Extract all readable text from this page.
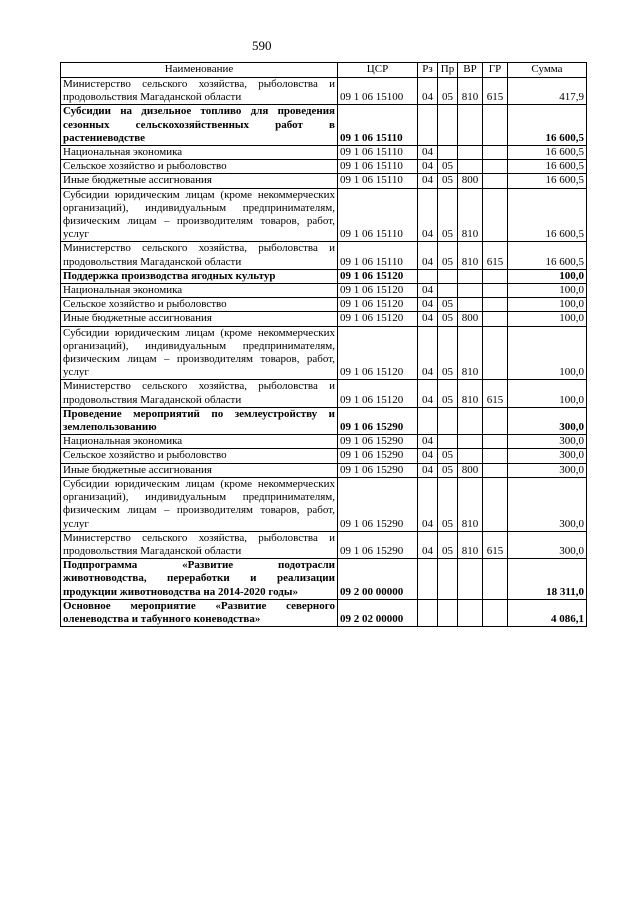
590
Наименование	ЦСР	Рз	Пр	ВР	ГР	Сумма
Министерство сельского хозяйства, рыболовства и продовольствия Магаданской области	09 1 06 15100	04	05	810	615	417,9
Субсидии на дизельное топливо для проведения сезонных сельскохозяйственных работ в растениеводстве	09 1 06 15110					16 600,5
Национальная экономика	09 1 06 15110	04				16 600,5
Сельское хозяйство и рыболовство	09 1 06 15110	04	05			16 600,5
Иные бюджетные ассигнования	09 1 06 15110	04	05	800		16 600,5
Субсидии юридическим лицам (кроме некоммерческих организаций), индивидуальным предпринимателям, физическим лицам – производителям товаров, работ, услуг	09 1 06 15110	04	05	810		16 600,5
Министерство сельского хозяйства, рыболовства и продовольствия Магаданской области	09 1 06 15110	04	05	810	615	16 600,5
Поддержка производства ягодных культур	09 1 06 15120					100,0
Национальная экономика	09 1 06 15120	04				100,0
Сельское хозяйство и рыболовство	09 1 06 15120	04	05			100,0
Иные бюджетные ассигнования	09 1 06 15120	04	05	800		100,0
Субсидии юридическим лицам (кроме некоммерческих организаций), индивидуальным предпринимателям, физическим лицам – производителям товаров, работ, услуг	09 1 06 15120	04	05	810		100,0
Министерство сельского хозяйства, рыболовства и продовольствия Магаданской области	09 1 06 15120	04	05	810	615	100,0
Проведение мероприятий по землеустройству и землепользованию	09 1 06 15290					300,0
Национальная экономика	09 1 06 15290	04				300,0
Сельское хозяйство и рыболовство	09 1 06 15290	04	05			300,0
Иные бюджетные ассигнования	09 1 06 15290	04	05	800		300,0
Субсидии юридическим лицам (кроме некоммерческих организаций), индивидуальным предпринимателям, физическим лицам – производителям товаров, работ, услуг	09 1 06 15290	04	05	810		300,0
Министерство сельского хозяйства, рыболовства и продовольствия Магаданской области	09 1 06 15290	04	05	810	615	300,0
Подпрограмма «Развитие подотрасли животноводства, переработки и реализации продукции животноводства на 2014-2020 годы»	09 2 00 00000					18 311,0
Основное мероприятие «Развитие северного оленеводства и табунного коневодства»	09 2 02 00000					4 086,1
